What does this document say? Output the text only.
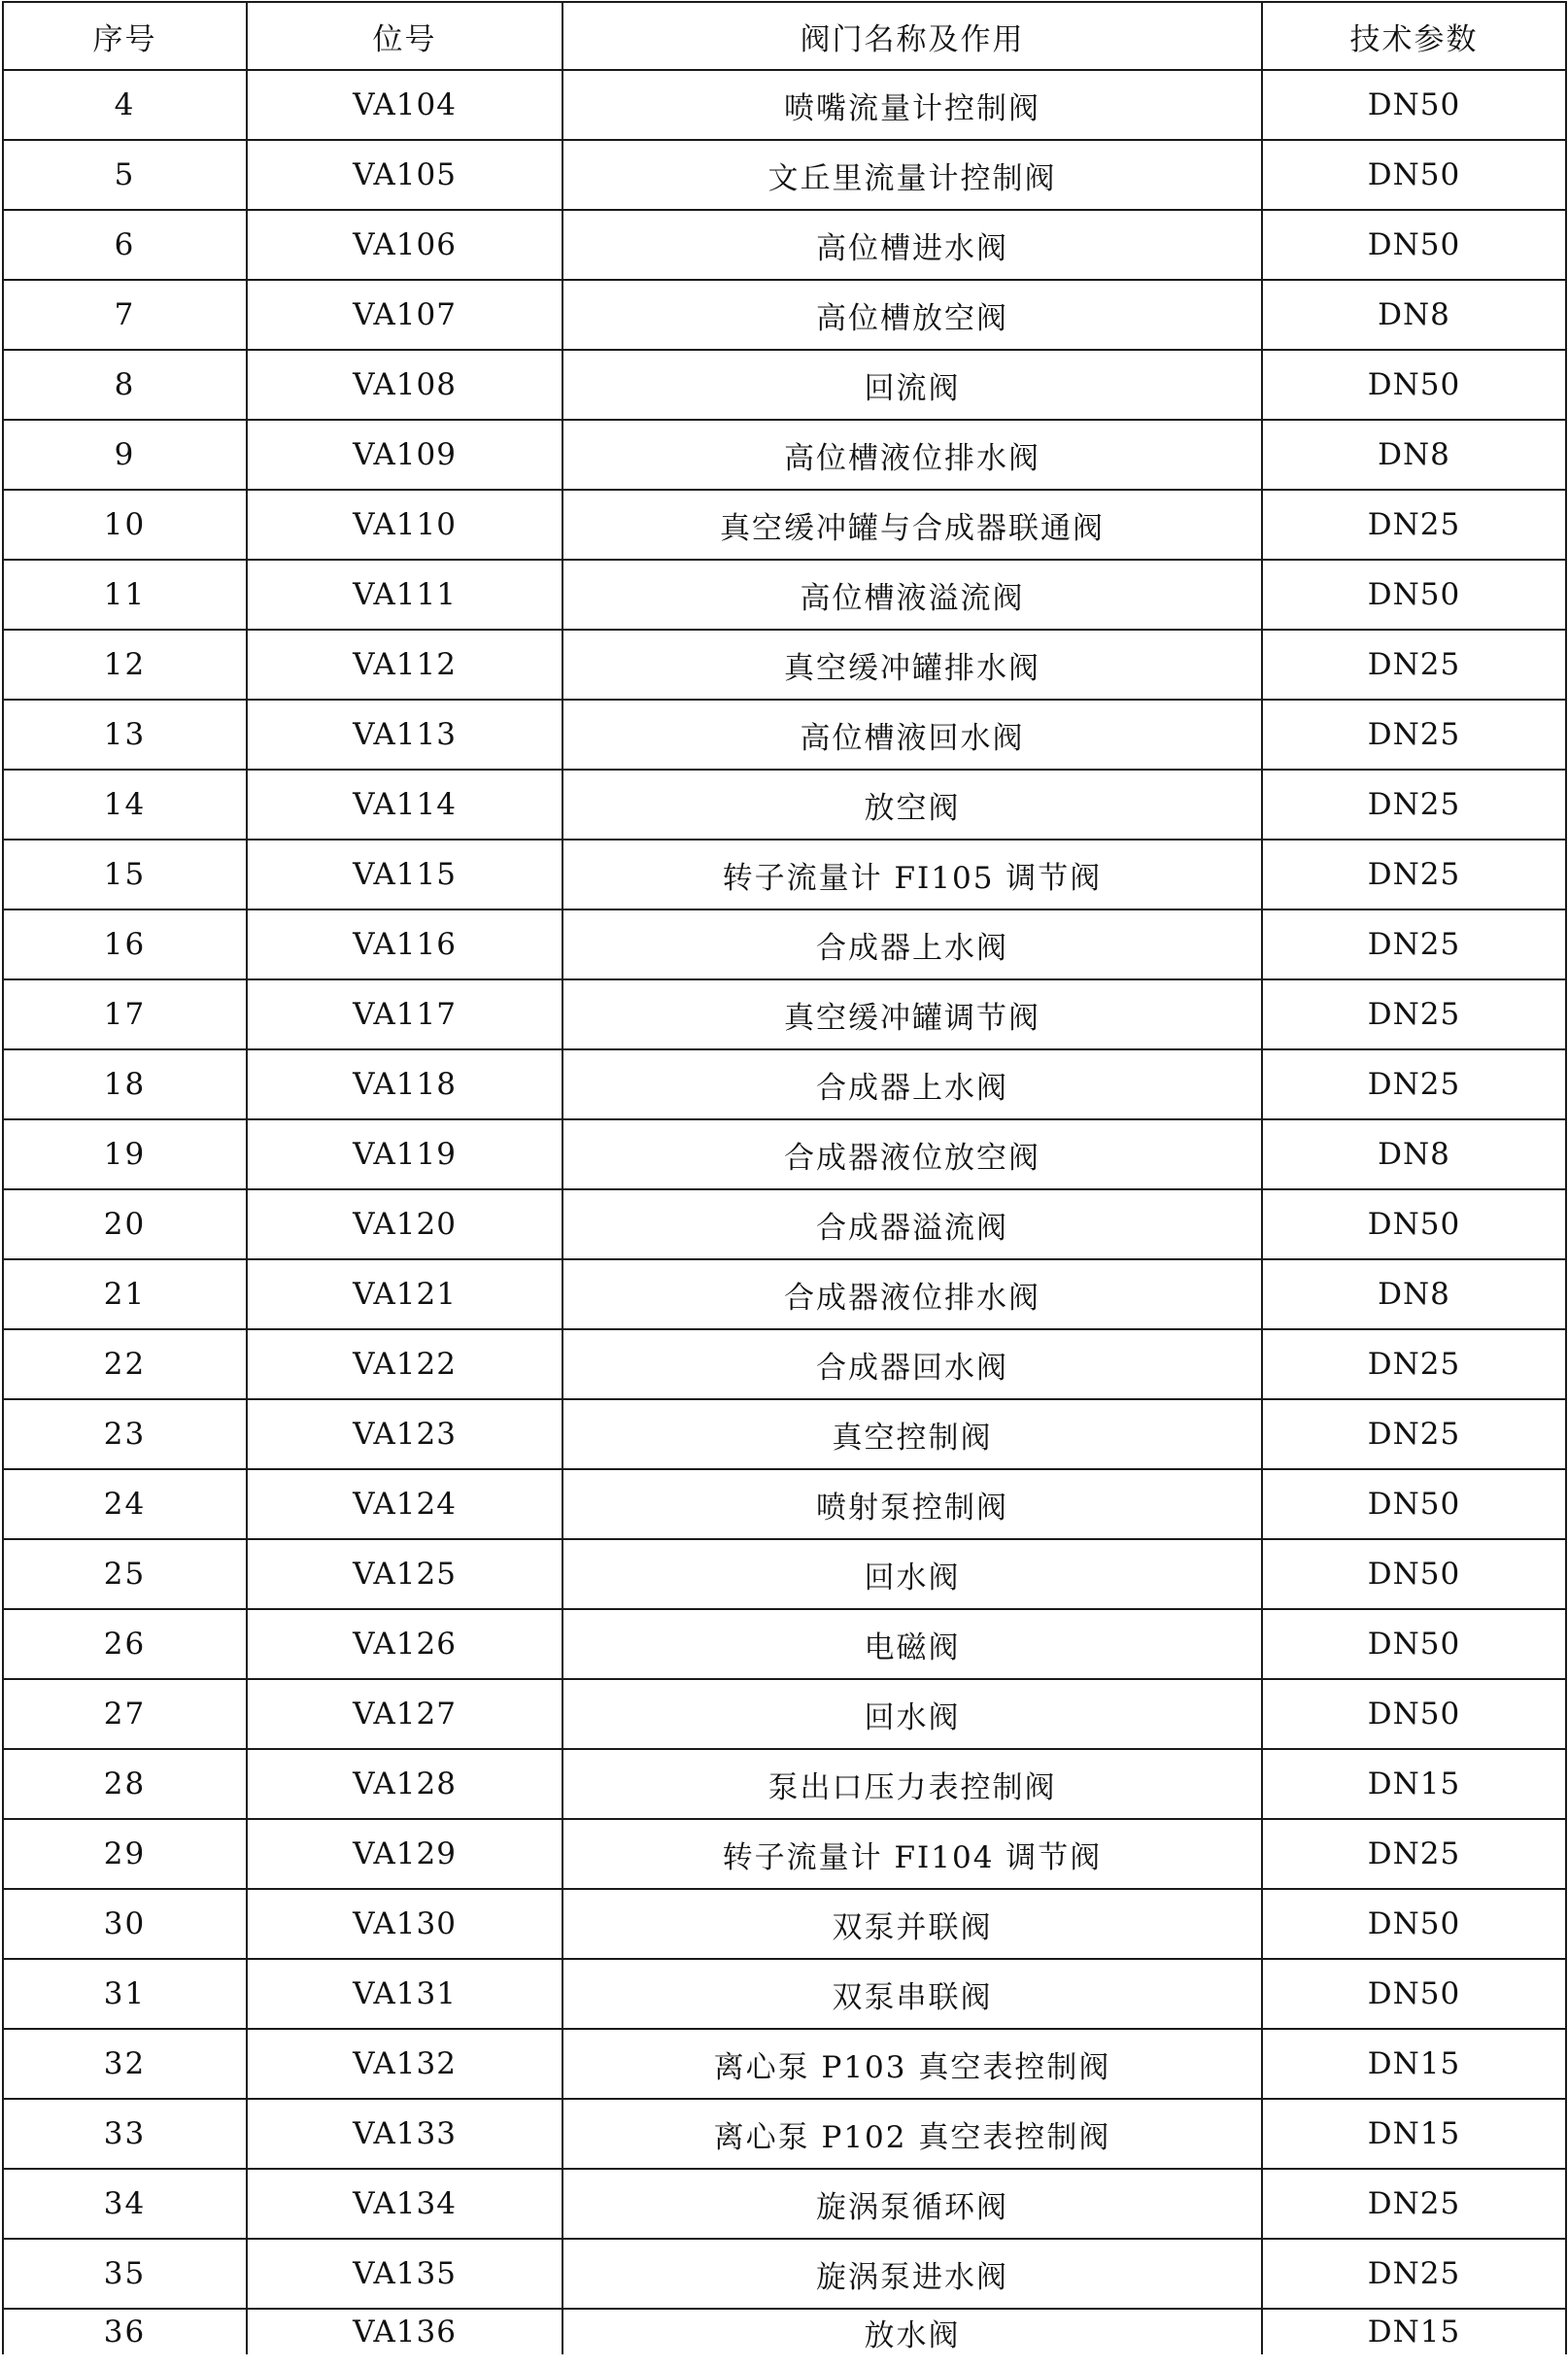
序号	位号	阀门名称及作用	技术参数
4	VA104	喷嘴流量计控制阀	DN50
5	VA105	文丘里流量计控制阀	DN50
6	VA106	高位槽进水阀	DN50
7	VA107	高位槽放空阀	DN8
8	VA108	回流阀	DN50
9	VA109	高位槽液位排水阀	DN8
10	VA110	真空缓冲罐与合成器联通阀	DN25
11	VA111	高位槽液溢流阀	DN50
12	VA112	真空缓冲罐排水阀	DN25
13	VA113	高位槽液回水阀	DN25
14	VA114	放空阀	DN25
15	VA115	转子流量计 FI105 调节阀	DN25
16	VA116	合成器上水阀	DN25
17	VA117	真空缓冲罐调节阀	DN25
18	VA118	合成器上水阀	DN25
19	VA119	合成器液位放空阀	DN8
20	VA120	合成器溢流阀	DN50
21	VA121	合成器液位排水阀	DN8
22	VA122	合成器回水阀	DN25
23	VA123	真空控制阀	DN25
24	VA124	喷射泵控制阀	DN50
25	VA125	回水阀	DN50
26	VA126	电磁阀	DN50
27	VA127	回水阀	DN50
28	VA128	泵出口压力表控制阀	DN15
29	VA129	转子流量计 FI104 调节阀	DN25
30	VA130	双泵并联阀	DN50
31	VA131	双泵串联阀	DN50
32	VA132	离心泵 P103 真空表控制阀	DN15
33	VA133	离心泵 P102 真空表控制阀	DN15
34	VA134	旋涡泵循环阀	DN25
35	VA135	旋涡泵进水阀	DN25
36	VA136	放水阀	DN15
